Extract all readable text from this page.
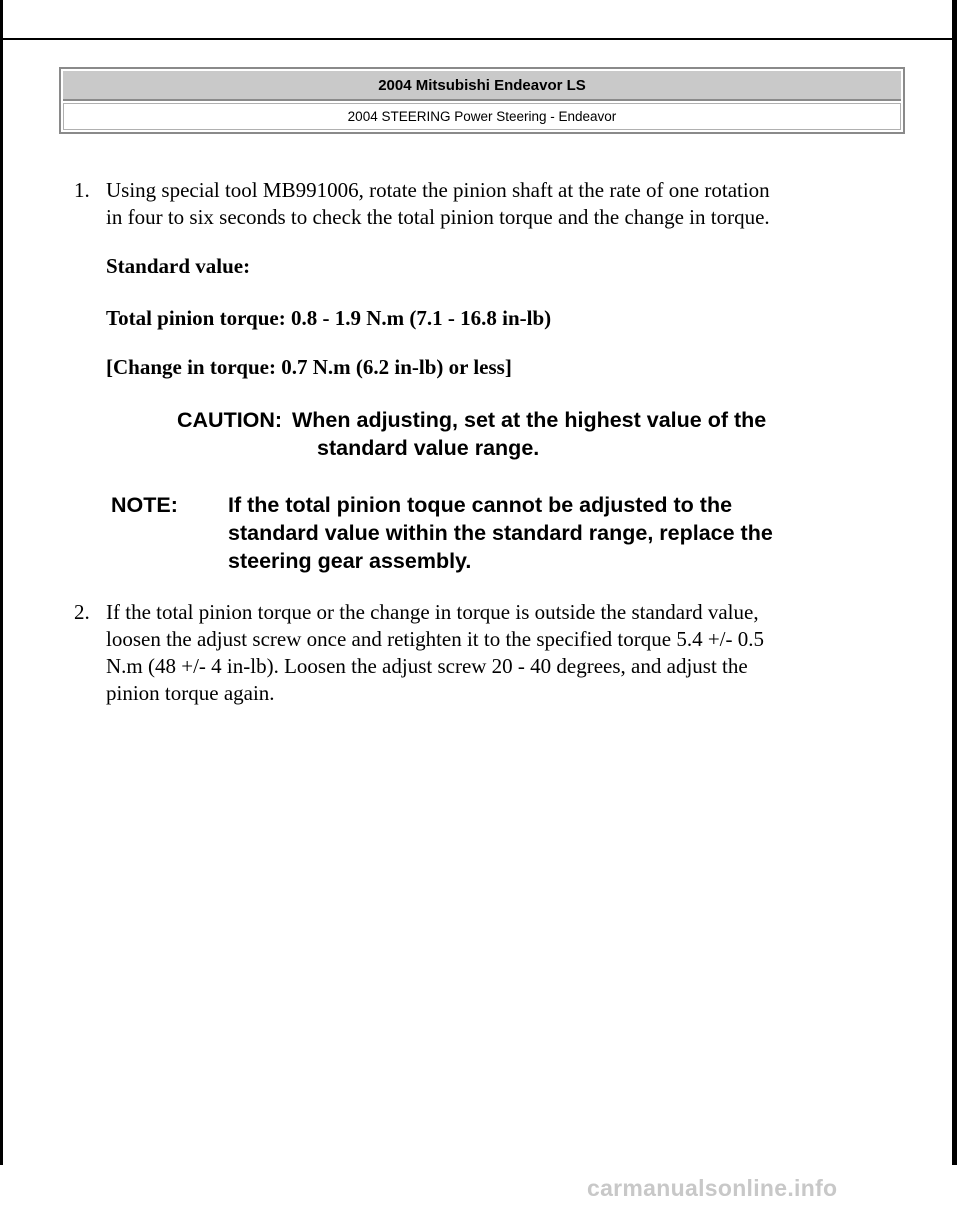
2004 Mitsubishi Endeavor LS
2004 STEERING Power Steering - Endeavor
1. Using special tool MB991006, rotate the pinion shaft at the rate of one rotation
in four to six seconds to check the total pinion torque and the change in torque.
Standard value:
Total pinion torque: 0.8 - 1.9 N.m (7.1 - 16.8 in-lb)
[Change in torque: 0.7 N.m (6.2 in-lb) or less]
CAUTION: When adjusting, set at the highest value of the
standard value range.
NOTE: If the total pinion toque cannot be adjusted to the
standard value within the standard range, replace the
steering gear assembly.
2. If the total pinion torque or the change in torque is outside the standard value,
loosen the adjust screw once and retighten it to the specified torque 5.4 +/- 0.5
N.m (48 +/- 4 in-lb). Loosen the adjust screw 20 - 40 degrees, and adjust the
pinion torque again.
carmanualsonline.info
